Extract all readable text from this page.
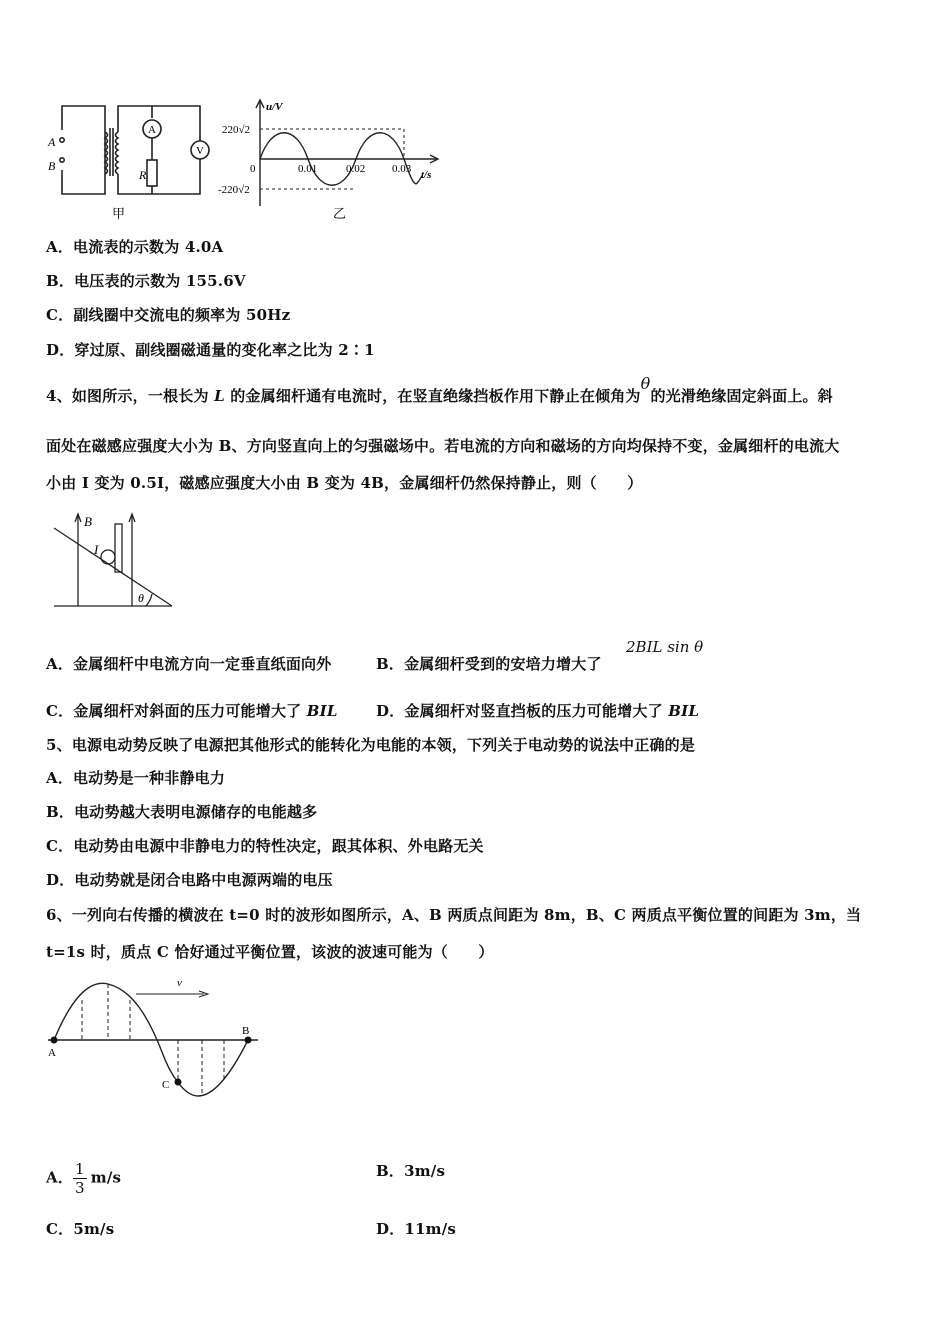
A
V
R
A
B
甲
u/V
t/s
220√2
-220√2
0	0.01	0.02 0.03
乙
A．电流表的示数为 4.0A
B．电压表的示数为 155.6V
C．副线圈中交流电的频率为 50Hz
D．穿过原、副线圈磁通量的变化率之比为 2∶1
4、如图所示，一根长为 L 的金属细杆通有电流时，在竖直绝缘挡板作用下静止在倾角为θ的光滑绝缘固定斜面上。斜
面处在磁感应强度大小为 B、方向竖直向上的匀强磁场中。若电流的方向和磁场的方向均保持不变，金属细杆的电流大
小由 I 变为 0.5I，磁感应强度大小由 B 变为 4B，金属细杆仍然保持静止，则（　　）
B
I
θ
A．金属细杆中电流方向一定垂直纸面向外	B．金属细杆受到的安培力增大了
2BIL sin θ
C．金属细杆对斜面的压力可能增大了 BIL	D．金属细杆对竖直挡板的压力可能增大了 BIL
5、电源电动势反映了电源把其他形式的能转化为电能的本领，下列关于电动势的说法中正确的是
A．电动势是一种非静电力
B．电动势越大表明电源储存的电能越多
C．电动势由电源中非静电力的特性决定，跟其体积、外电路无关
D．电动势就是闭合电路中电源两端的电压
6、一列向右传播的横波在 t=0 时的波形如图所示，A、B 两质点间距为 8m，B、C 两质点平衡位置的间距为 3m，当
t=1s 时，质点 C 恰好通过平衡位置，该波的波速可能为（　　）
v
A
B
C
A． $\frac{1}{3} m/s$	B．3m/s
C．5m/s	D．11m/s
